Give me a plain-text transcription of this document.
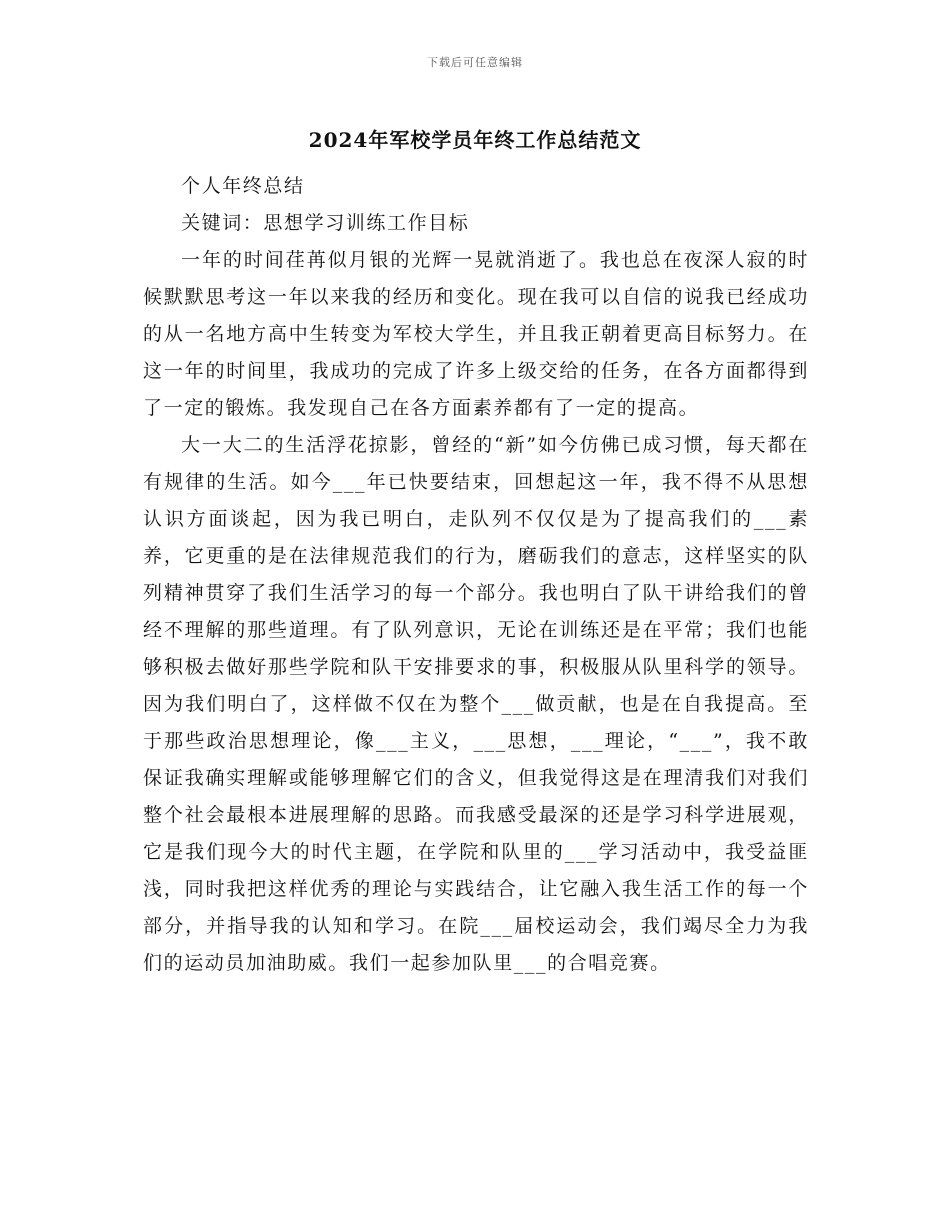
下载后可任意编辑
2024年军校学员年终工作总结范文

个人年终总结

关键词：思想学习训练工作目标

一年的时间荏苒似月银的光辉一晃就消逝了。我也总在夜深人寂的时候默默思考这一年以来我的经历和变化。现在我可以自信的说我已经成功的从一名地方高中生转变为军校大学生，并且我正朝着更高目标努力。在这一年的时间里，我成功的完成了许多上级交给的任务，在各方面都得到了一定的锻炼。我发现自己在各方面素养都有了一定的提高。

大一大二的生活浮花掠影，曾经的“新”如今仿佛已成习惯，每天都在有规律的生活。如今___年已快要结束，回想起这一年，我不得不从思想认识方面谈起，因为我已明白，走队列不仅仅是为了提高我们的___素养，它更重的是在法律规范我们的行为，磨砺我们的意志，这样坚实的队列精神贯穿了我们生活学习的每一个部分。我也明白了队干讲给我们的曾经不理解的那些道理。有了队列意识，无论在训练还是在平常；我们也能够积极去做好那些学院和队干安排要求的事，积极服从队里科学的领导。因为我们明白了，这样做不仅在为整个___做贡献，也是在自我提高。至于那些政治思想理论，像___主义，___思想，___理论，“___”，我不敢保证我确实理解或能够理解它们的含义，但我觉得这是在理清我们对我们整个社会最根本进展理解的思路。而我感受最深的还是学习科学进展观，它是我们现今大的时代主题，在学院和队里的___学习活动中，我受益匪浅，同时我把这样优秀的理论与实践结合，让它融入我生活工作的每一个部分，并指导我的认知和学习。在院___届校运动会，我们竭尽全力为我们的运动员加油助威。我们一起参加队里___的合唱竞赛。
